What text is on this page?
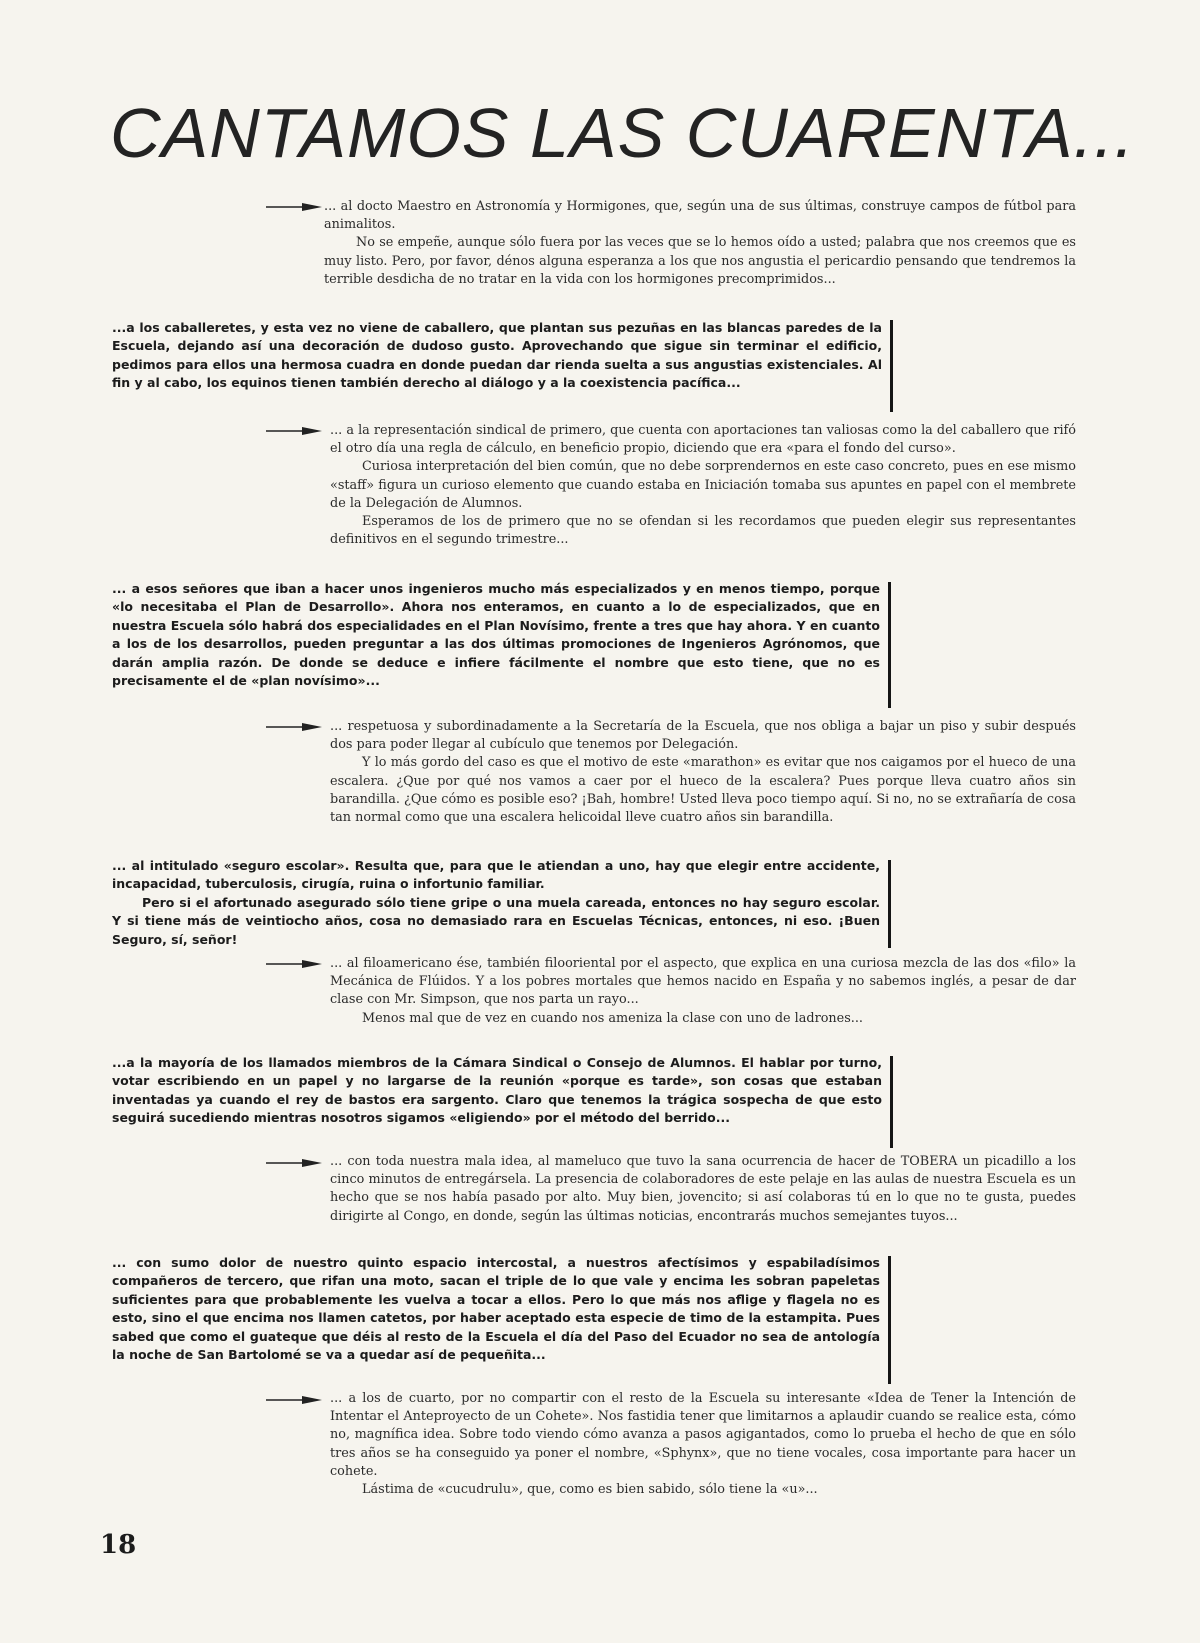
CANTAMOS LAS CUARENTA...

... al docto Maestro en Astronomía y Hormigones, que, según una de sus últimas, construye campos de fútbol para animalitos.

No se empeñe, aunque sólo fuera por las veces que se lo hemos oído a usted; palabra que nos creemos que es muy listo. Pero, por favor, dénos alguna esperanza a los que nos angustia el pericardio pensando que tendremos la terrible desdicha de no tratar en la vida con los hormigones precomprimidos...

...a los caballeretes, y esta vez no viene de caballero, que plantan sus pezuñas en las blancas paredes de la Escuela, dejando así una decoración de dudoso gusto. Aprovechando que sigue sin terminar el edificio, pedimos para ellos una hermosa cuadra en donde puedan dar rienda suelta a sus angustias existenciales. Al fin y al cabo, los equinos tienen también derecho al diálogo y a la coexistencia pacífica...

... a la representación sindical de primero, que cuenta con aportaciones tan valiosas como la del caballero que rifó el otro día una regla de cálculo, en beneficio propio, diciendo que era «para el fondo del curso».

Curiosa interpretación del bien común, que no debe sorprendernos en este caso concreto, pues en ese mismo «staff» figura un curioso elemento que cuando estaba en Iniciación tomaba sus apuntes en papel con el membrete de la Delegación de Alumnos.

Esperamos de los de primero que no se ofendan si les recordamos que pueden elegir sus representantes definitivos en el segundo trimestre...

... a esos señores que iban a hacer unos ingenieros mucho más especializados y en menos tiempo, porque «lo necesitaba el Plan de Desarrollo». Ahora nos enteramos, en cuanto a lo de especializados, que en nuestra Escuela sólo habrá dos especialidades en el Plan Novísimo, frente a tres que hay ahora. Y en cuanto a los de los desarrollos, pueden preguntar a las dos últimas promociones de Ingenieros Agrónomos, que darán amplia razón. De donde se deduce e infiere fácilmente el nombre que esto tiene, que no es precisamente el de «plan novísimo»...

... respetuosa y subordinadamente a la Secretaría de la Escuela, que nos obliga a bajar un piso y subir después dos para poder llegar al cubículo que tenemos por Delegación.

Y lo más gordo del caso es que el motivo de este «marathon» es evitar que nos caigamos por el hueco de una escalera. ¿Que por qué nos vamos a caer por el hueco de la escalera? Pues porque lleva cuatro años sin barandilla. ¿Que cómo es posible eso? ¡Bah, hombre! Usted lleva poco tiempo aquí. Si no, no se extrañaría de cosa tan normal como que una escalera helicoidal lleve cuatro años sin barandilla.

... al intitulado «seguro escolar». Resulta que, para que le atiendan a uno, hay que elegir entre accidente, incapacidad, tuberculosis, cirugía, ruina o infortunio familiar.

Pero si el afortunado asegurado sólo tiene gripe o una muela careada, entonces no hay seguro escolar. Y si tiene más de veintiocho años, cosa no demasiado rara en Escuelas Técnicas, entonces, ni eso. ¡Buen Seguro, sí, señor!

... al filoamericano ése, también filooriental por el aspecto, que explica en una curiosa mezcla de las dos «filo» la Mecánica de Flúidos. Y a los pobres mortales que hemos nacido en España y no sabemos inglés, a pesar de dar clase con Mr. Simpson, que nos parta un rayo...

Menos mal que de vez en cuando nos ameniza la clase con uno de ladrones...

...a la mayoría de los llamados miembros de la Cámara Sindical o Consejo de Alumnos. El hablar por turno, votar escribiendo en un papel y no largarse de la reunión «porque es tarde», son cosas que estaban inventadas ya cuando el rey de bastos era sargento. Claro que tenemos la trágica sospecha de que esto seguirá sucediendo mientras nosotros sigamos «eligiendo» por el método del berrido...

... con toda nuestra mala idea, al mameluco que tuvo la sana ocurrencia de hacer de TOBERA un picadillo a los cinco minutos de entregársela. La presencia de colaboradores de este pelaje en las aulas de nuestra Escuela es un hecho que se nos había pasado por alto. Muy bien, jovencito; si así colaboras tú en lo que no te gusta, puedes dirigirte al Congo, en donde, según las últimas noticias, encontrarás muchos semejantes tuyos...

... con sumo dolor de nuestro quinto espacio intercostal, a nuestros afectísimos y espabiladísimos compañeros de tercero, que rifan una moto, sacan el triple de lo que vale y encima les sobran papeletas suficientes para que probablemente les vuelva a tocar a ellos. Pero lo que más nos aflige y flagela no es esto, sino el que encima nos llamen catetos, por haber aceptado esta especie de timo de la estampita. Pues sabed que como el guateque que déis al resto de la Escuela el día del Paso del Ecuador no sea de antología la noche de San Bartolomé se va a quedar así de pequeñita...

... a los de cuarto, por no compartir con el resto de la Escuela su interesante «Idea de Tener la Intención de Intentar el Anteproyecto de un Cohete». Nos fastidia tener que limitarnos a aplaudir cuando se realice esta, cómo no, magnífica idea. Sobre todo viendo cómo avanza a pasos agigantados, como lo prueba el hecho de que en sólo tres años se ha conseguido ya poner el nombre, «Sphynx», que no tiene vocales, cosa importante para hacer un cohete.

Lástima de «cucudrulu», que, como es bien sabido, sólo tiene la «u»...

18
